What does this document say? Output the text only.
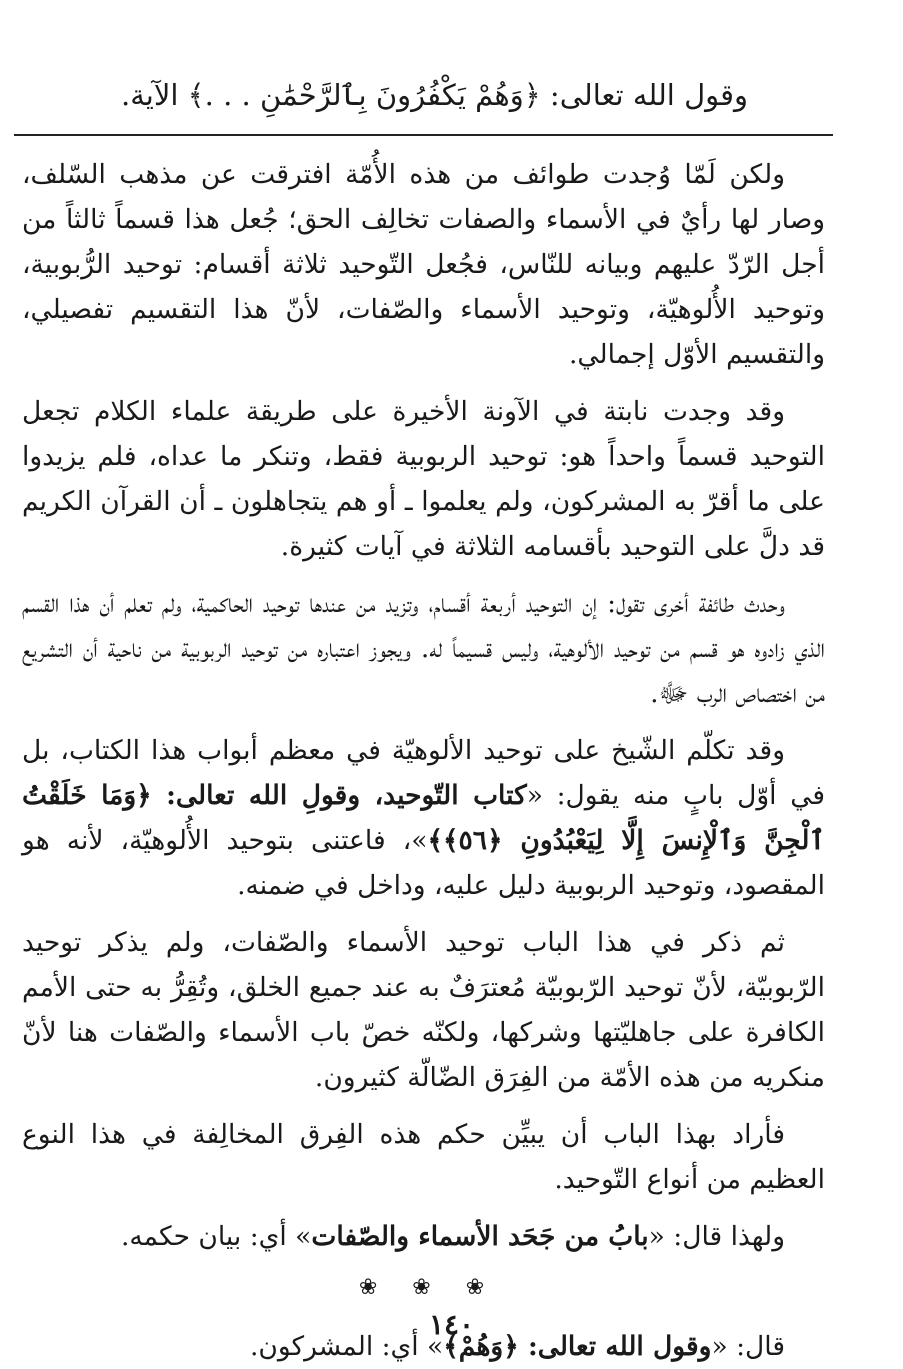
وقول الله تعالى: ﴿وَهُمْ يَكْفُرُونَ بِٱلرَّحْمَٰنِ . . .﴾ الآية.

ولكن لَمّا وُجدت طوائف من هذه الأُمّة افترقت عن مذهب السّلف، وصار لها رأيٌ في الأسماء والصفات تخالِف الحق؛ جُعل هذا قسماً ثالثاً من أجل الرّدّ عليهم وبيانه للنّاس، فجُعل التّوحيد ثلاثة أقسام: توحيد الرُّبوبية، وتوحيد الأُلوهيّة، وتوحيد الأسماء والصّفات، لأنّ هذا التقسيم تفصيلي، والتقسيم الأوّل إجمالي.

وقد وجدت نابتة في الآونة الأخيرة على طريقة علماء الكلام تجعل التوحيد قسماً واحداً هو: توحيد الربوبية فقط، وتنكر ما عداه، فلم يزيدوا على ما أقرّ به المشركون، ولم يعلموا ـ أو هم يتجاهلون ـ أن القرآن الكريم قد دلَّ على التوحيد بأقسامه الثلاثة في آيات كثيرة.

وحدث طائفة أخرى تقول: إن التوحيد أربعة أقسام، وتزيد من عندها توحيد الحاكمية، ولم تعلم أن هذا القسم الذي زادوه هو قسم من توحيد الألوهية، وليس قسيماً له. ويجوز اعتباره من توحيد الربوبية من ناحية أن التشريع من اختصاص الرب ﷻ.

وقد تكلّم الشّيخ على توحيد الألوهيّة في معظم أبواب هذا الكتاب، بل في أوّل بابٍ منه يقول: «كتاب التّوحيد، وقولِ الله تعالى: ﴿وَمَا خَلَقْتُ ٱلْجِنَّ وَٱلْإِنسَ إِلَّا لِيَعْبُدُونِ ﴿٥٦﴾﴾»، فاعتنى بتوحيد الأُلوهيّة، لأنه هو المقصود، وتوحيد الربوبية دليل عليه، وداخل في ضمنه.

ثم ذكر في هذا الباب توحيد الأسماء والصّفات، ولم يذكر توحيد الرّبوبيّة، لأنّ توحيد الرّبوبيّة مُعترَفٌ به عند جميع الخلق، وتُقِرُّ به حتى الأمم الكافرة على جاهليّتها وشركها، ولكنّه خصّ باب الأسماء والصّفات هنا لأنّ منكريه من هذه الأمّة من الفِرَق الضّالّة كثيرون.

فأراد بهذا الباب أن يبيِّن حكم هذه الفِرق المخالِفة في هذا النوع العظيم من أنواع التّوحيد.

ولهذا قال: «بابُ من جَحَد الأسماء والصّفات» أي: بيان حكمه.
❀ ❀ ❀
قال: «وقول الله تعالى: ﴿وَهُمْ﴾» أي: المشركون.
١٤٠
